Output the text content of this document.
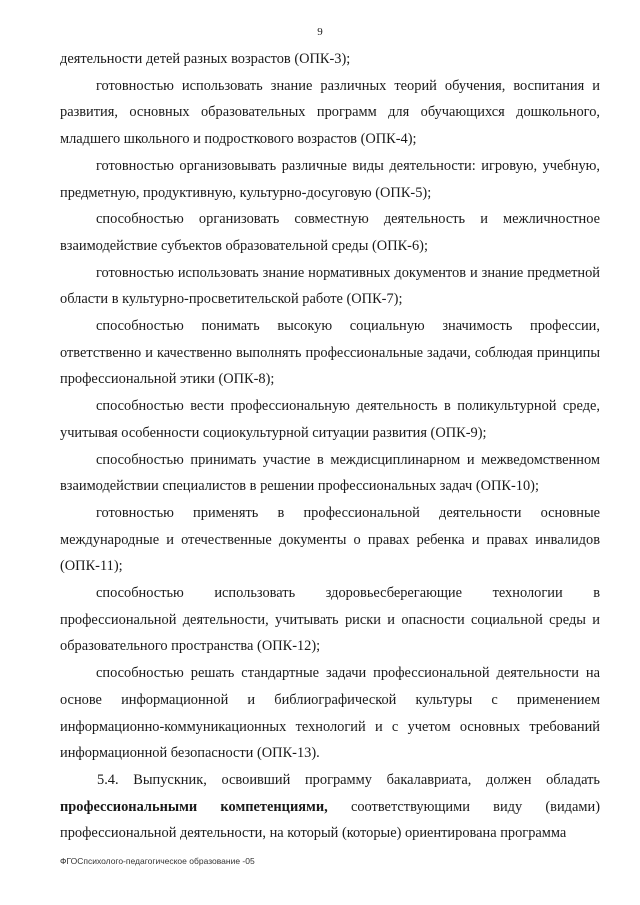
9

деятельности детей разных возрастов (ОПК-3);

готовностью использовать знание различных теорий обучения, воспитания и развития, основных образовательных программ для обучающихся дошкольного, младшего школьного и подросткового возрастов (ОПК-4);

готовностью организовывать различные виды деятельности: игровую, учебную, предметную, продуктивную, культурно-досуговую (ОПК-5);

способностью организовать совместную деятельность и межличностное взаимодействие субъектов образовательной среды (ОПК-6);

готовностью использовать знание нормативных документов и знание предметной области в культурно-просветительской работе (ОПК-7);

способностью понимать высокую социальную значимость профессии, ответственно и качественно выполнять профессиональные задачи, соблюдая принципы профессиональной этики (ОПК-8);

способностью вести профессиональную деятельность в поликультурной среде, учитывая особенности социокультурной ситуации развития (ОПК-9);

способностью принимать участие в междисциплинарном и межведомственном взаимодействии специалистов в решении профессиональных задач (ОПК-10);

готовностью применять в профессиональной деятельности основные международные и отечественные документы о правах ребенка и правах инвалидов (ОПК-11);

способностью использовать здоровьесберегающие технологии в профессиональной деятельности, учитывать риски и опасности социальной среды и образовательного пространства (ОПК-12);

способностью решать стандартные задачи профессиональной деятельности на основе информационной и библиографической культуры с применением информационно-коммуникационных технологий и с учетом основных требований информационной безопасности (ОПК-13).

5.4. Выпускник, освоивший программу бакалавриата, должен обладать профессиональными компетенциями, соответствующими виду (видами) профессиональной деятельности, на который (которые) ориентирована программа

ФГОСпсихолого-педагогическое образование -05
